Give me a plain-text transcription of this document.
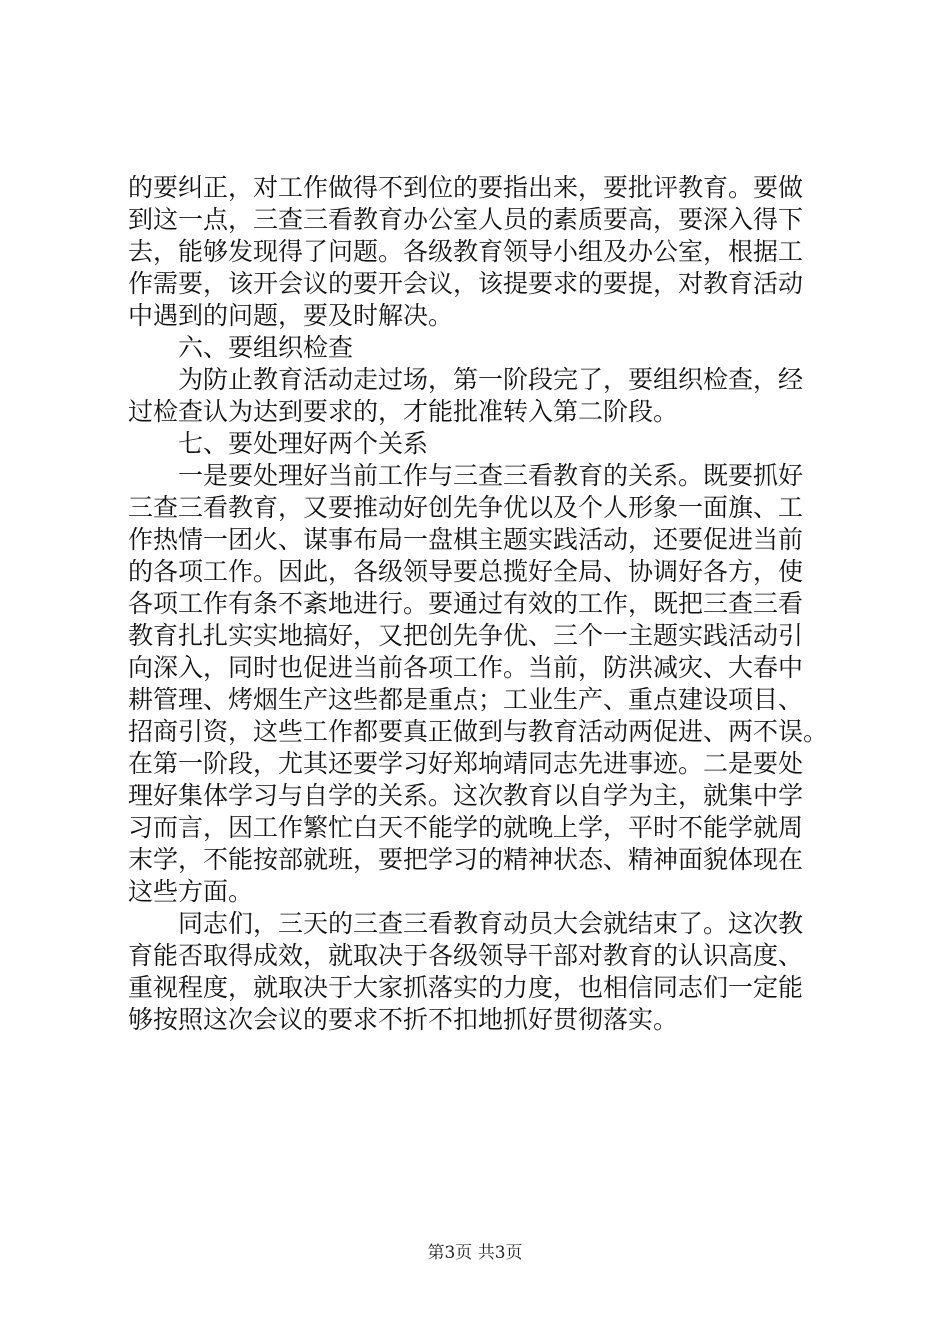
的要纠正，对工作做得不到位的要指出来，要批评教育。要做
到这一点，三查三看教育办公室人员的素质要高，要深入得下
去，能够发现得了问题。各级教育领导小组及办公室，根据工
作需要，该开会议的要开会议，该提要求的要提，对教育活动
中遇到的问题，要及时解决。
六、要组织检查
为防止教育活动走过场，第一阶段完了，要组织检查，经
过检查认为达到要求的，才能批准转入第二阶段。
七、要处理好两个关系
一是要处理好当前工作与三查三看教育的关系。既要抓好
三查三看教育，又要推动好创先争优以及个人形象一面旗、工
作热情一团火、谋事布局一盘棋主题实践活动，还要促进当前
的各项工作。因此，各级领导要总揽好全局、协调好各方，使
各项工作有条不紊地进行。要通过有效的工作，既把三查三看
教育扎扎实实地搞好，又把创先争优、三个一主题实践活动引
向深入，同时也促进当前各项工作。当前，防洪减灾、大春中
耕管理、烤烟生产这些都是重点；工业生产、重点建设项目、
招商引资，这些工作都要真正做到与教育活动两促进、两不误。
在第一阶段，尤其还要学习好郑垧靖同志先进事迹。二是要处
理好集体学习与自学的关系。这次教育以自学为主，就集中学
习而言，因工作繁忙白天不能学的就晚上学，平时不能学就周
末学，不能按部就班，要把学习的精神状态、精神面貌体现在
这些方面。
同志们，三天的三查三看教育动员大会就结束了。这次教
育能否取得成效，就取决于各级领导干部对教育的认识高度、
重视程度，就取决于大家抓落实的力度，也相信同志们一定能
够按照这次会议的要求不折不扣地抓好贯彻落实。
第3页 共3页
